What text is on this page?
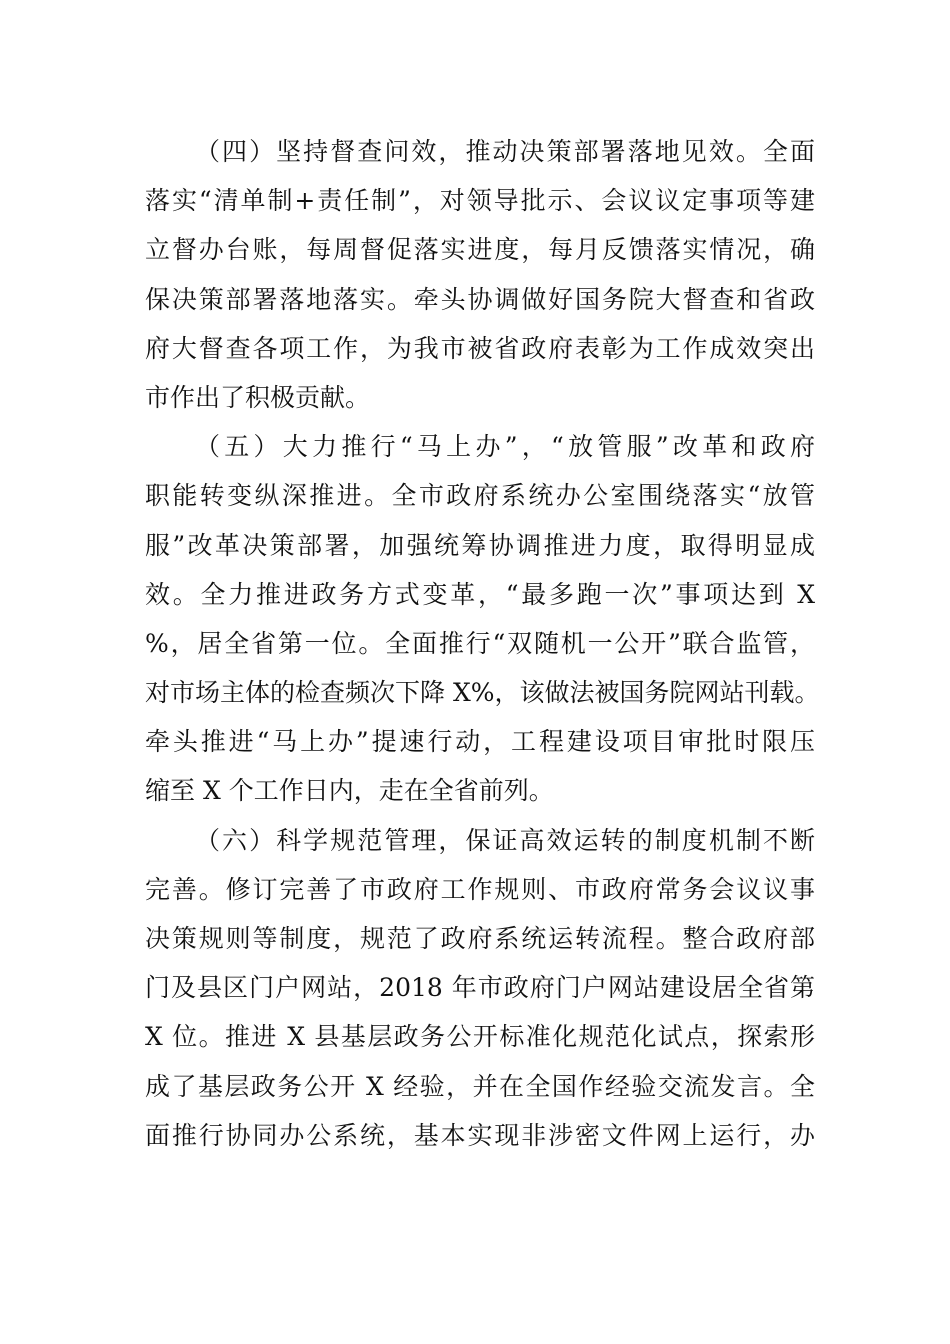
（四）坚持督查问效，推动决策部署落地见效。全面
落实“清单制+责任制”，对领导批示、会议议定事项等建
立督办台账，每周督促落实进度，每月反馈落实情况，确
保决策部署落地落实。牵头协调做好国务院大督查和省政
府大督查各项工作，为我市被省政府表彰为工作成效突出
市作出了积极贡献。
（五）大力推行“马上办”，“放管服”改革和政府
职能转变纵深推进。全市政府系统办公室围绕落实“放管
服”改革决策部署，加强统筹协调推进力度，取得明显成
效。全力推进政务方式变革，“最多跑一次”事项达到 X
%，居全省第一位。全面推行“双随机一公开”联合监管，
对市场主体的检查频次下降 X%，该做法被国务院网站刊载。
牵头推进“马上办”提速行动，工程建设项目审批时限压
缩至 X 个工作日内，走在全省前列。
（六）科学规范管理，保证高效运转的制度机制不断
完善。修订完善了市政府工作规则、市政府常务会议议事
决策规则等制度，规范了政府系统运转流程。整合政府部
门及县区门户网站，2018 年市政府门户网站建设居全省第
X 位。推进 X 县基层政务公开标准化规范化试点，探索形
成了基层政务公开 X 经验，并在全国作经验交流发言。全
面推行协同办公系统，基本实现非涉密文件网上运行，办
